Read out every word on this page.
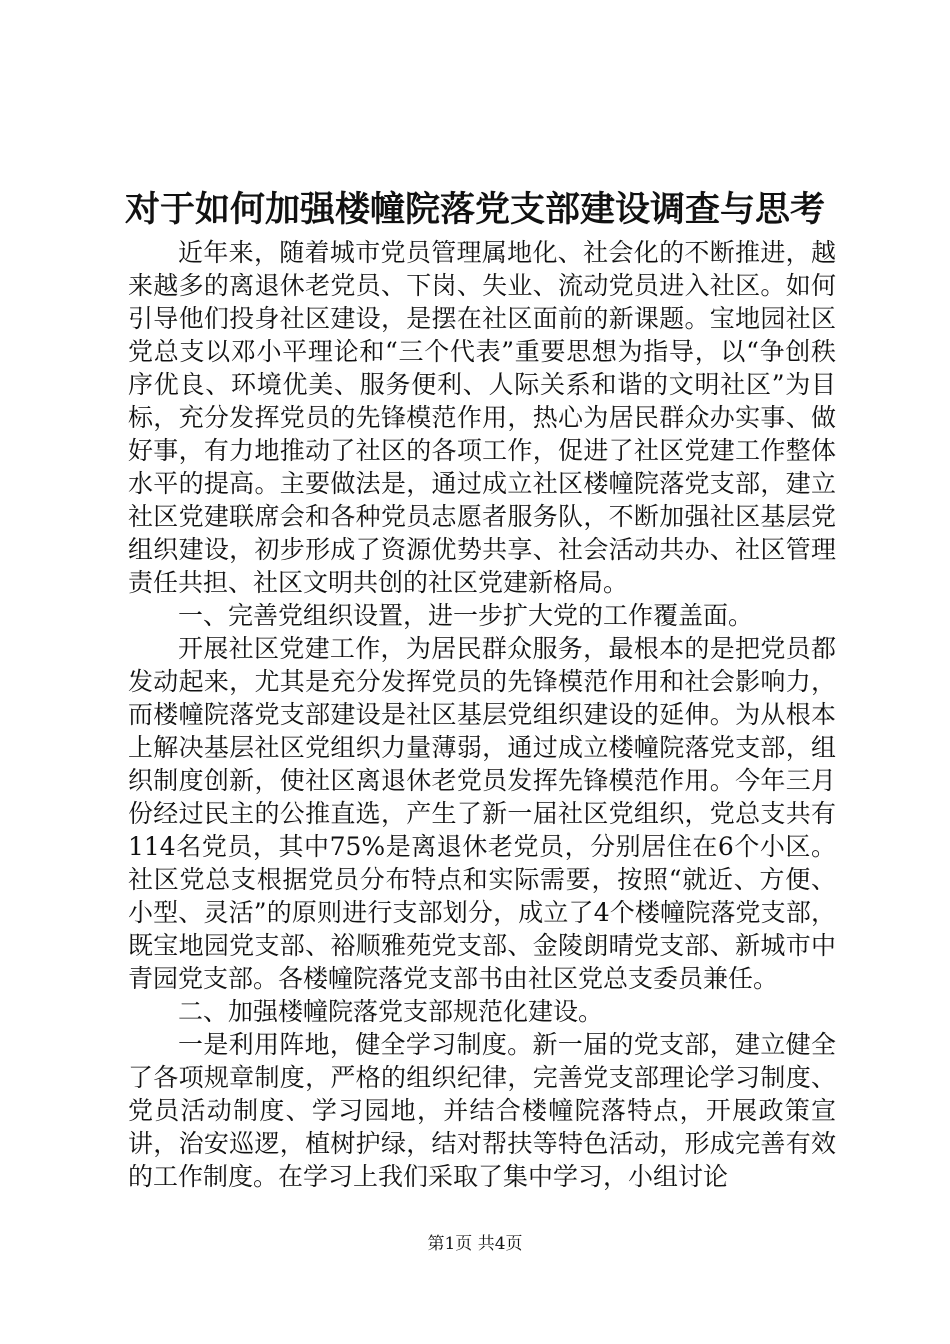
对于如何加强楼幢院落党支部建设调查与思考

近年来，随着城市党员管理属地化、社会化的不断推进，越来越多的离退休老党员、下岗、失业、流动党员进入社区。如何引导他们投身社区建设，是摆在社区面前的新课题。宝地园社区党总支以邓小平理论和“三个代表”重要思想为指导，以“争创秩序优良、环境优美、服务便利、人际关系和谐的文明社区”为目标，充分发挥党员的先锋模范作用，热心为居民群众办实事、做好事，有力地推动了社区的各项工作，促进了社区党建工作整体水平的提高。主要做法是，通过成立社区楼幢院落党支部，建立社区党建联席会和各种党员志愿者服务队，不断加强社区基层党组织建设，初步形成了资源优势共享、社会活动共办、社区管理责任共担、社区文明共创的社区党建新格局。

一、完善党组织设置，进一步扩大党的工作覆盖面。

开展社区党建工作，为居民群众服务，最根本的是把党员都发动起来，尤其是充分发挥党员的先锋模范作用和社会影响力，而楼幢院落党支部建设是社区基层党组织建设的延伸。为从根本上解决基层社区党组织力量薄弱，通过成立楼幢院落党支部，组织制度创新，使社区离退休老党员发挥先锋模范作用。今年三月份经过民主的公推直选，产生了新一届社区党组织，党总支共有114名党员，其中75%是离退休老党员，分别居住在6个小区。社区党总支根据党员分布特点和实际需要，按照“就近、方便、小型、灵活”的原则进行支部划分，成立了4个楼幢院落党支部，既宝地园党支部、裕顺雅苑党支部、金陵朗晴党支部、新城市中青园党支部。各楼幢院落党支部书由社区党总支委员兼任。

二、加强楼幢院落党支部规范化建设。

一是利用阵地，健全学习制度。新一届的党支部，建立健全了各项规章制度，严格的组织纪律，完善党支部理论学习制度、党员活动制度、学习园地，并结合楼幢院落特点，开展政策宣讲，治安巡逻，植树护绿，结对帮扶等特色活动，形成完善有效的工作制度。在学习上我们采取了集中学习，小组讨论

第1页 共4页
